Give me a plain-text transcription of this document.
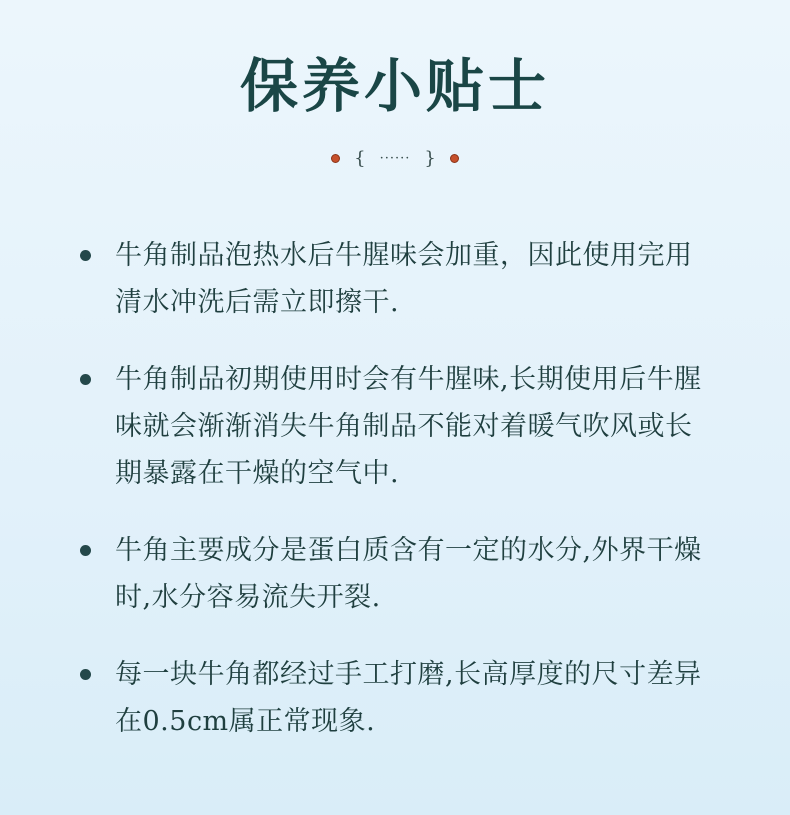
保养小贴士
{ ······ }
牛角制品泡热水后牛腥味会加重，因此使用完用清水冲洗后需立即擦干.
牛角制品初期使用时会有牛腥味,长期使用后牛腥味就会渐渐消失牛角制品不能对着暖气吹风或长期暴露在干燥的空气中.
牛角主要成分是蛋白质含有一定的水分,外界干燥时,水分容易流失开裂.
每一块牛角都经过手工打磨,长高厚度的尺寸差异在0.5cm属正常现象.
